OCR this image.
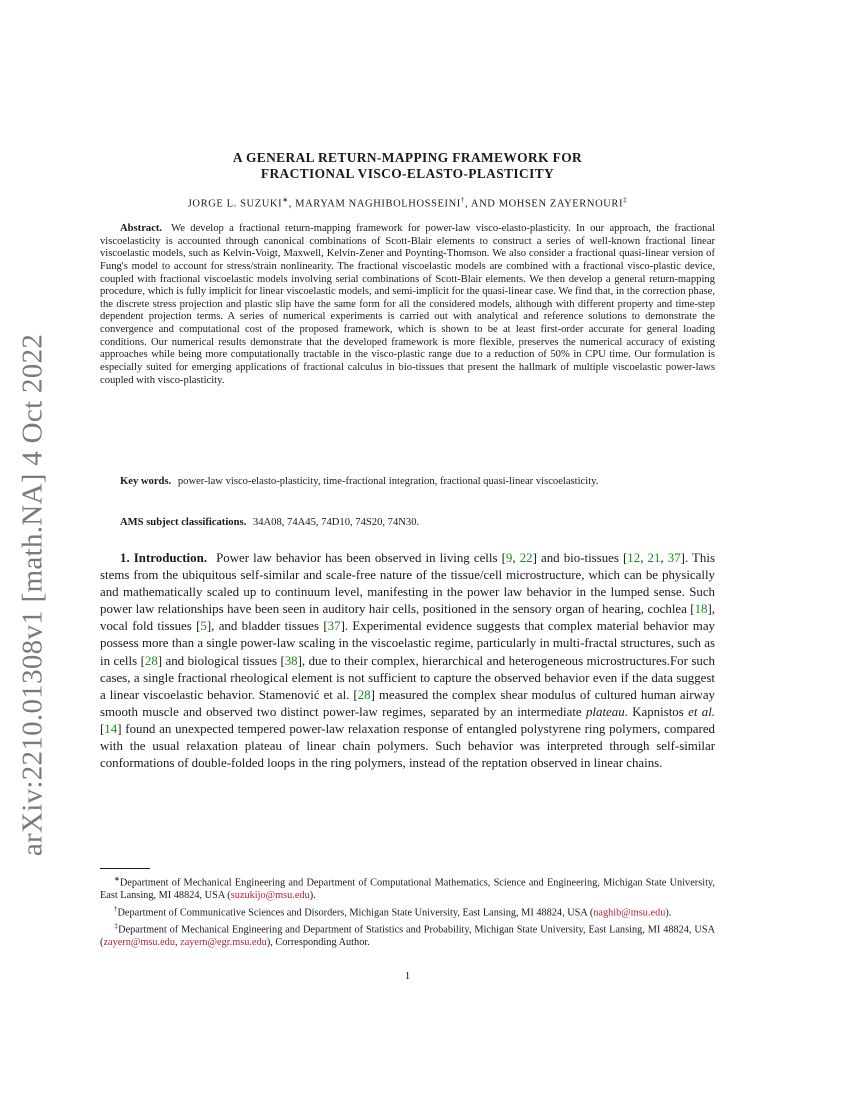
arXiv:2210.01308v1 [math.NA] 4 Oct 2022
A GENERAL RETURN-MAPPING FRAMEWORK FOR
FRACTIONAL VISCO-ELASTO-PLASTICITY
JORGE L. SUZUKI∗, MARYAM NAGHIBOLHOSSEINI†, AND MOHSEN ZAYERNOURI‡
Abstract. We develop a fractional return-mapping framework for power-law visco-elasto-plasticity. In our approach, the fractional viscoelasticity is accounted through canonical combinations of Scott-Blair elements to construct a series of well-known fractional linear viscoelastic models, such as Kelvin-Voigt, Maxwell, Kelvin-Zener and Poynting-Thomson. We also consider a fractional quasi-linear version of Fung's model to account for stress/strain nonlinearity. The fractional viscoelastic models are combined with a fractional visco-plastic device, coupled with fractional viscoelastic models involving serial combinations of Scott-Blair elements. We then develop a general return-mapping procedure, which is fully implicit for linear viscoelastic models, and semi-implicit for the quasi-linear case. We find that, in the correction phase, the discrete stress projection and plastic slip have the same form for all the considered models, although with different property and time-step dependent projection terms. A series of numerical experiments is carried out with analytical and reference solutions to demonstrate the convergence and computational cost of the proposed framework, which is shown to be at least first-order accurate for general loading conditions. Our numerical results demonstrate that the developed framework is more flexible, preserves the numerical accuracy of existing approaches while being more computationally tractable in the visco-plastic range due to a reduction of 50% in CPU time. Our formulation is especially suited for emerging applications of fractional calculus in bio-tissues that present the hallmark of multiple viscoelastic power-laws coupled with visco-plasticity.
Key words. power-law visco-elasto-plasticity, time-fractional integration, fractional quasi-linear viscoelasticity.
AMS subject classifications. 34A08, 74A45, 74D10, 74S20, 74N30.
1. Introduction. Power law behavior has been observed in living cells [9, 22] and bio-tissues [12, 21, 37]. This stems from the ubiquitous self-similar and scale-free nature of the tissue/cell microstructure, which can be physically and mathematically scaled up to continuum level, manifesting in the power law behavior in the lumped sense. Such power law relationships have been seen in auditory hair cells, positioned in the sensory organ of hearing, cochlea [18], vocal fold tissues [5], and bladder tissues [37]. Experimental evidence suggests that complex material behavior may possess more than a single power-law scaling in the viscoelastic regime, particularly in multi-fractal structures, such as in cells [28] and biological tissues [38], due to their complex, hierarchical and heterogeneous microstructures.For such cases, a single fractional rheological element is not sufficient to capture the observed behavior even if the data suggest a linear viscoelastic behavior. Stamenović et al. [28] measured the complex shear modulus of cultured human airway smooth muscle and observed two distinct power-law regimes, separated by an intermediate plateau. Kapnistos et al. [14] found an unexpected tempered power-law relaxation response of entangled polystyrene ring polymers, compared with the usual relaxation plateau of linear chain polymers. Such behavior was interpreted through self-similar conformations of double-folded loops in the ring polymers, instead of the reptation observed in linear chains.

∗Department of Mechanical Engineering and Department of Computational Mathematics, Science and Engineering, Michigan State University, East Lansing, MI 48824, USA (suzukijo@msu.edu).

†Department of Communicative Sciences and Disorders, Michigan State University, East Lansing, MI 48824, USA (naghib@msu.edu).

‡Department of Mechanical Engineering and Department of Statistics and Probability, Michigan State University, East Lansing, MI 48824, USA (zayern@msu.edu, zayern@egr.msu.edu), Corresponding Author.

1
